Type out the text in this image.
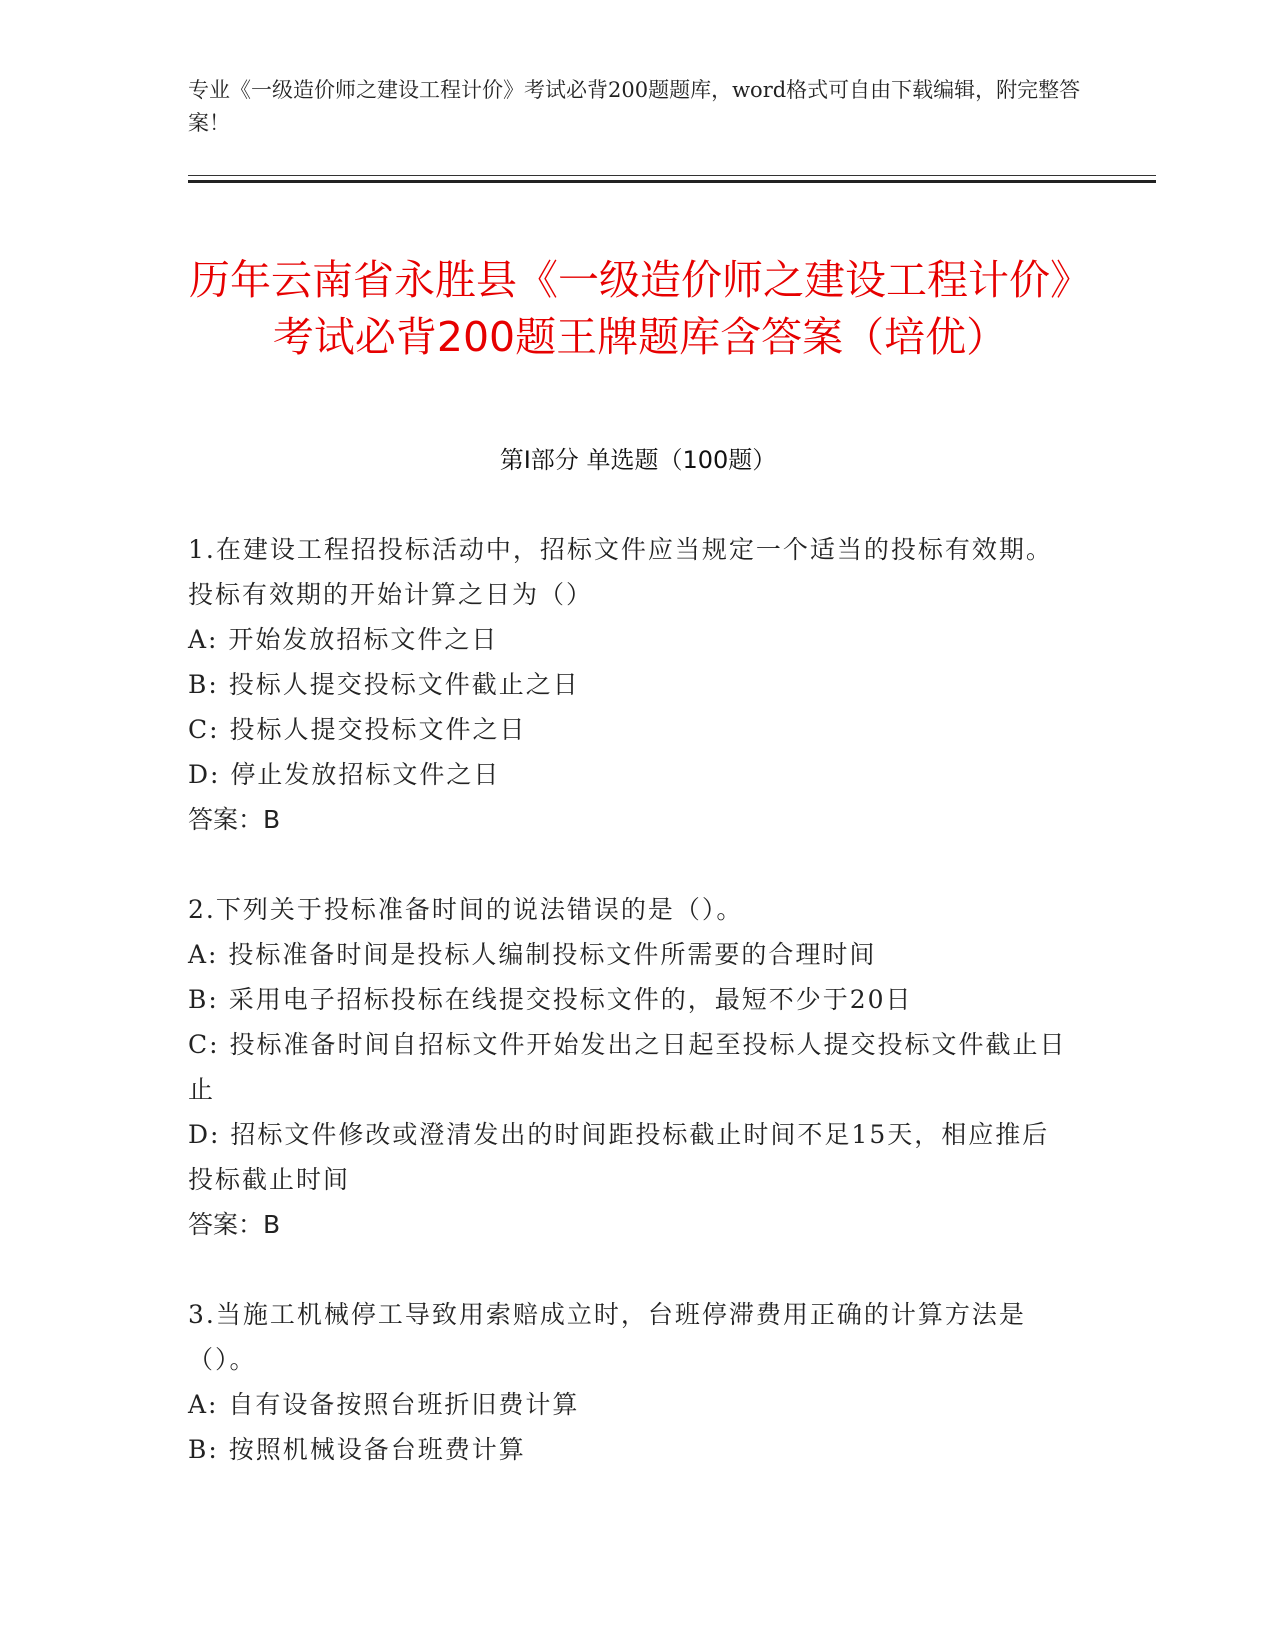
专业《一级造价师之建设工程计价》考试必背200题题库，word格式可自由下载编辑，附完整答案！
历年云南省永胜县《一级造价师之建设工程计价》考试必背200题王牌题库含答案（培优）
第I部分 单选题（100题）
1.在建设工程招投标活动中，招标文件应当规定一个适当的投标有效期。投标有效期的开始计算之日为（）
A: 开始发放招标文件之日
B: 投标人提交投标文件截止之日
C: 投标人提交投标文件之日
D: 停止发放招标文件之日
答案：B
2.下列关于投标准备时间的说法错误的是（）。
A: 投标准备时间是投标人编制投标文件所需要的合理时间
B: 采用电子招标投标在线提交投标文件的，最短不少于20日
C: 投标准备时间自招标文件开始发出之日起至投标人提交投标文件截止日止
D: 招标文件修改或澄清发出的时间距投标截止时间不足15天，相应推后投标截止时间
答案：B
3.当施工机械停工导致用索赔成立时，台班停滞费用正确的计算方法是（）。
A: 自有设备按照台班折旧费计算
B: 按照机械设备台班费计算
